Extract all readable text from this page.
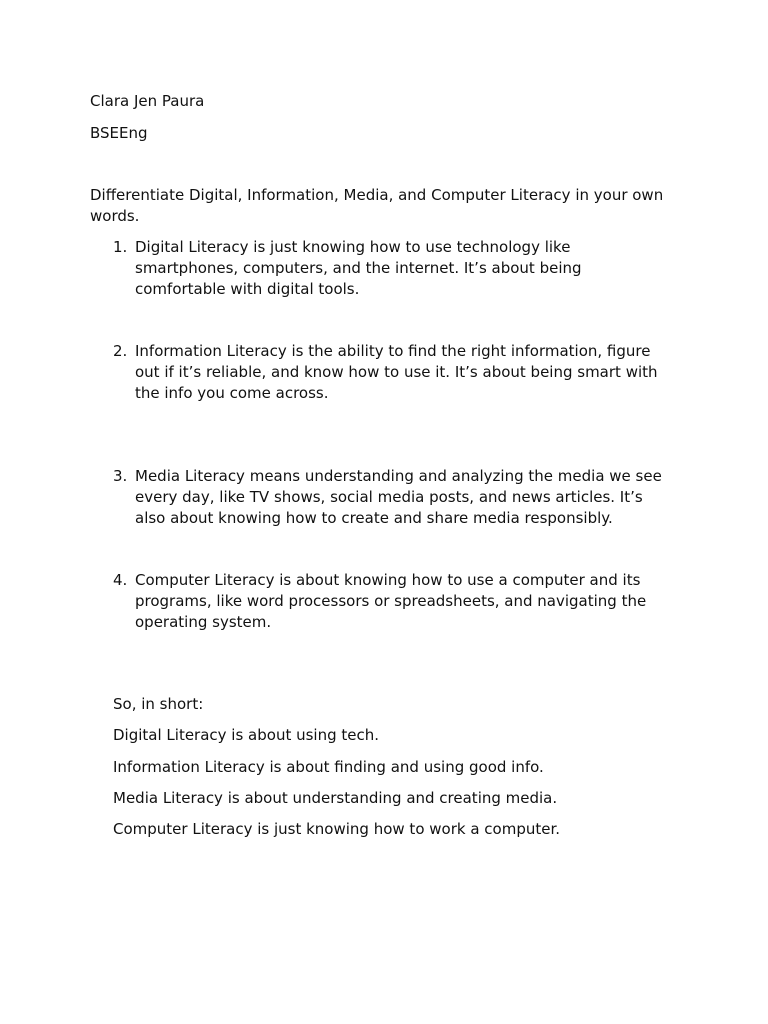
Clara Jen Paura
BSEEng
Differentiate Digital, Information, Media, and Computer Literacy in your own words.
1. Digital Literacy is just knowing how to use technology like smartphones, computers, and the internet. It’s about being comfortable with digital tools.
2. Information Literacy is the ability to find the right information, figure out if it’s reliable, and know how to use it. It’s about being smart with the info you come across.
3. Media Literacy means understanding and analyzing the media we see every day, like TV shows, social media posts, and news articles. It’s also about knowing how to create and share media responsibly.
4. Computer Literacy is about knowing how to use a computer and its programs, like word processors or spreadsheets, and navigating the operating system.
So, in short:
Digital Literacy is about using tech.
Information Literacy is about finding and using good info.
Media Literacy is about understanding and creating media.
Computer Literacy is just knowing how to work a computer.
